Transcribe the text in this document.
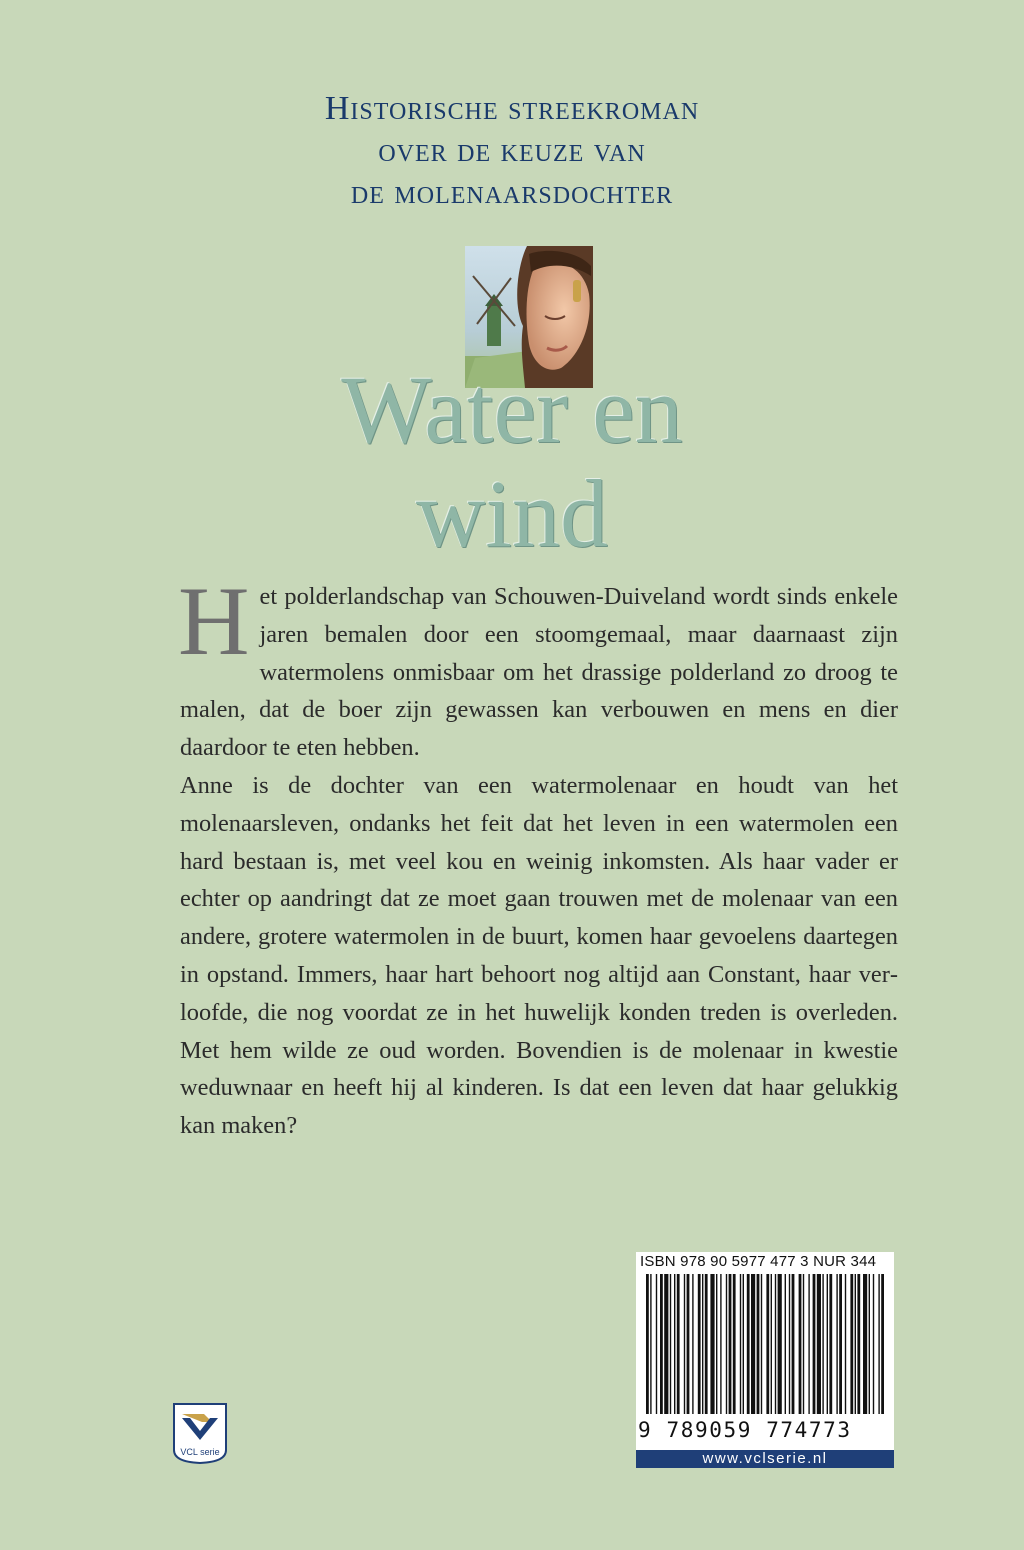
Historische streekroman
over de keuze van
de molenaarsdochter
Water en
wind
H et polderlandschap van Schouwen-Duiveland wordt sinds enkele jaren bemalen door een stoomgemaal, maar daarnaast zijn watermolens onmisbaar om het drassige polderland zo droog te malen, dat de boer zijn gewassen kan verbouwen en mens en dier daardoor te eten hebben.

Anne is de dochter van een watermolenaar en houdt van het molenaarsleven, ondanks het feit dat het leven in een watermolen een hard bestaan is, met veel kou en weinig inkomsten. Als haar vader er echter op aandringt dat ze moet gaan trouwen met de molenaar van een andere, grotere watermolen in de buurt, komen haar gevoelens daartegen in opstand. Immers, haar hart behoort nog altijd aan Constant, haar verloofde, die nog voordat ze in het huwelijk konden treden is overleden. Met hem wilde ze oud worden. Bovendien is de molenaar in kwestie weduwnaar en heeft hij al kinderen. Is dat een leven dat haar gelukkig kan maken?

VCL serie
ISBN 978 90 5977 477 3 NUR 344
9 789059 774773
www.vclserie.nl
